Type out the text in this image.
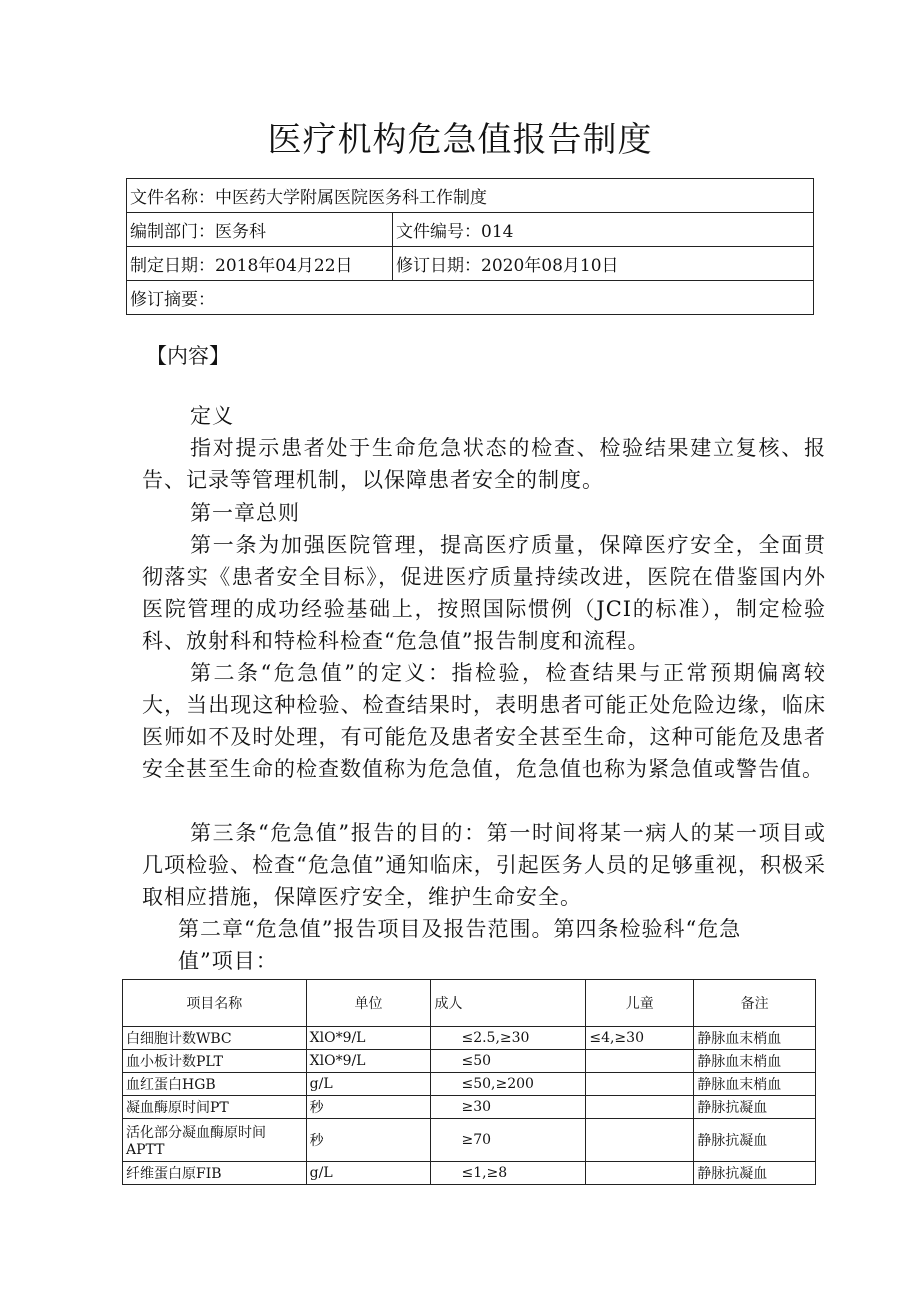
医疗机构危急值报告制度
文件名称：中医药大学附属医院医务科工作制度	
编制部门：医务科	文件编号：014
制定日期：2018年04月22日	修订日期：2020年08月10日
修订摘要：	
【内容】
定义
指对提示患者处于生命危急状态的检查、检验结果建立复核、报告、记录等管理机制，以保障患者安全的制度。
第一章总则
第一条为加强医院管理，提高医疗质量，保障医疗安全，全面贯彻落实《患者安全目标》，促进医疗质量持续改进，医院在借鉴国内外医院管理的成功经验基础上，按照国际惯例（JCI的标准），制定检验科、放射科和特检科检查“危急值”报告制度和流程。
第二条“危急值”的定义：指检验，检查结果与正常预期偏离较大，当出现这种检验、检查结果时，表明患者可能正处危险边缘，临床医师如不及时处理，有可能危及患者安全甚至生命，这种可能危及患者安全甚至生命的检查数值称为危急值，危急值也称为紧急值或警告值。
第三条“危急值”报告的目的：第一时间将某一病人的某一项目或几项检验、检查“危急值”通知临床，引起医务人员的足够重视，积极采取相应措施，保障医疗安全，维护生命安全。
第二章“危急值”报告项目及报告范围。第四条检验科“危急
值”项目：
项目名称	单位	成人	儿童	备注
白细胞计数WBC	XlO*9/L	≤2.5,≥30	≤4,≥30	静脉血末梢血
血小板计数PLT	XlO*9/L	≤50		静脉血末梢血
血红蛋白HGB	g/L	≤50,≥200		静脉血末梢血
凝血酶原时间PT	秒	≥30		静脉抗凝血
活化部分凝血酶原时间APTT	秒	≥70		静脉抗凝血
纤维蛋白原FIB	g/L	≤1,≥8		静脉抗凝血
